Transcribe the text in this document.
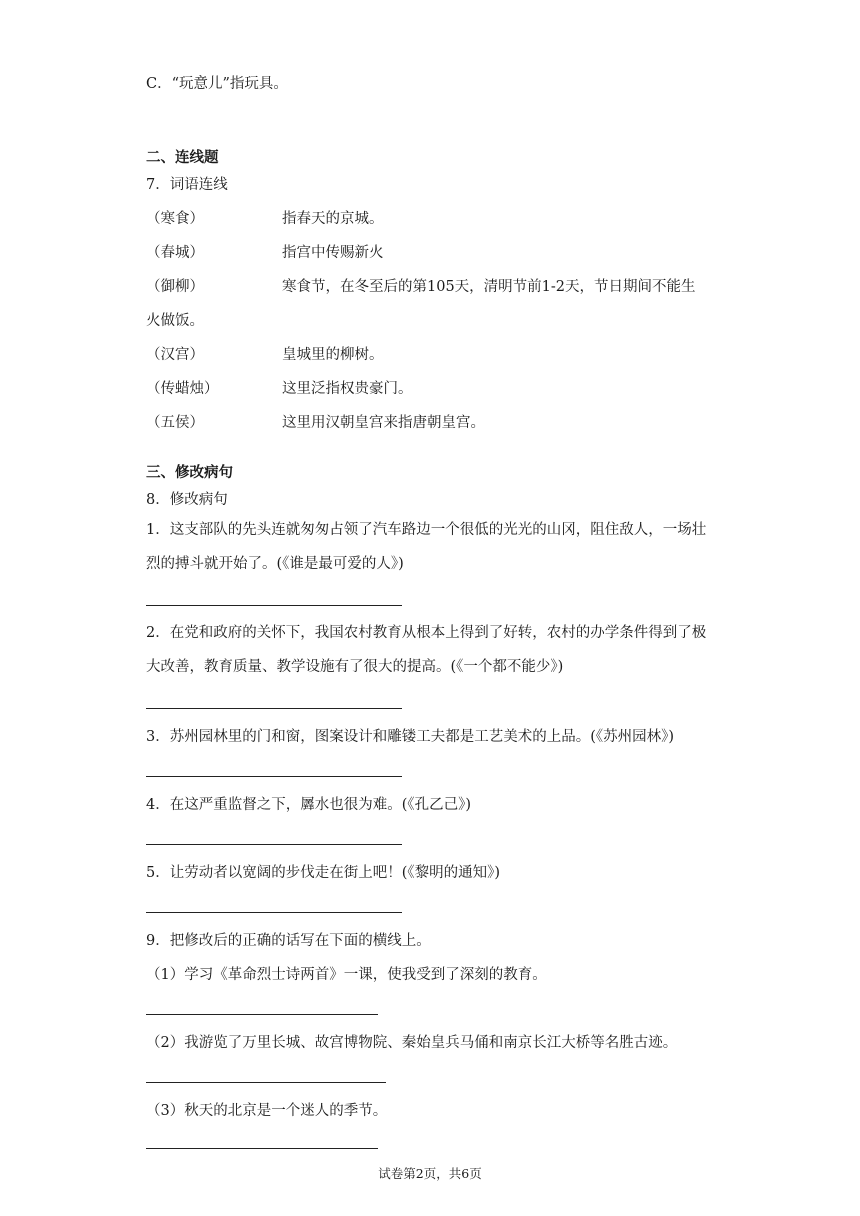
C．“玩意儿”指玩具。
二、连线题
7．词语连线
（寒食）	指春天的京城。
（春城）	指宫中传赐新火
（御柳）	寒食节，在冬至后的第105天，清明节前1-2天，节日期间不能生
火做饭。
（汉宫）	皇城里的柳树。
（传蜡烛）	这里泛指权贵豪门。
（五侯）	这里用汉朝皇宫来指唐朝皇宫。
三、修改病句
8．修改病句
1．这支部队的先头连就匆匆占领了汽车路边一个很低的光光的山冈，阻住敌人，一场壮烈的搏斗就开始了。(《谁是最可爱的人》)
2．在党和政府的关怀下，我国农村教育从根本上得到了好转，农村的办学条件得到了极大改善，教育质量、教学设施有了很大的提高。(《一个都不能少》)
3．苏州园林里的门和窗，图案设计和雕镂工夫都是工艺美术的上品。(《苏州园林》)
4．在这严重监督之下，羼水也很为难。(《孔乙己》)
5．让劳动者以宽阔的步伐走在街上吧！(《黎明的通知》)
9．把修改后的正确的话写在下面的横线上。
（1）学习《革命烈士诗两首》一课，使我受到了深刻的教育。
（2）我游览了万里长城、故宫博物院、秦始皇兵马俑和南京长江大桥等名胜古迹。
（3）秋天的北京是一个迷人的季节。
试卷第2页，共6页
